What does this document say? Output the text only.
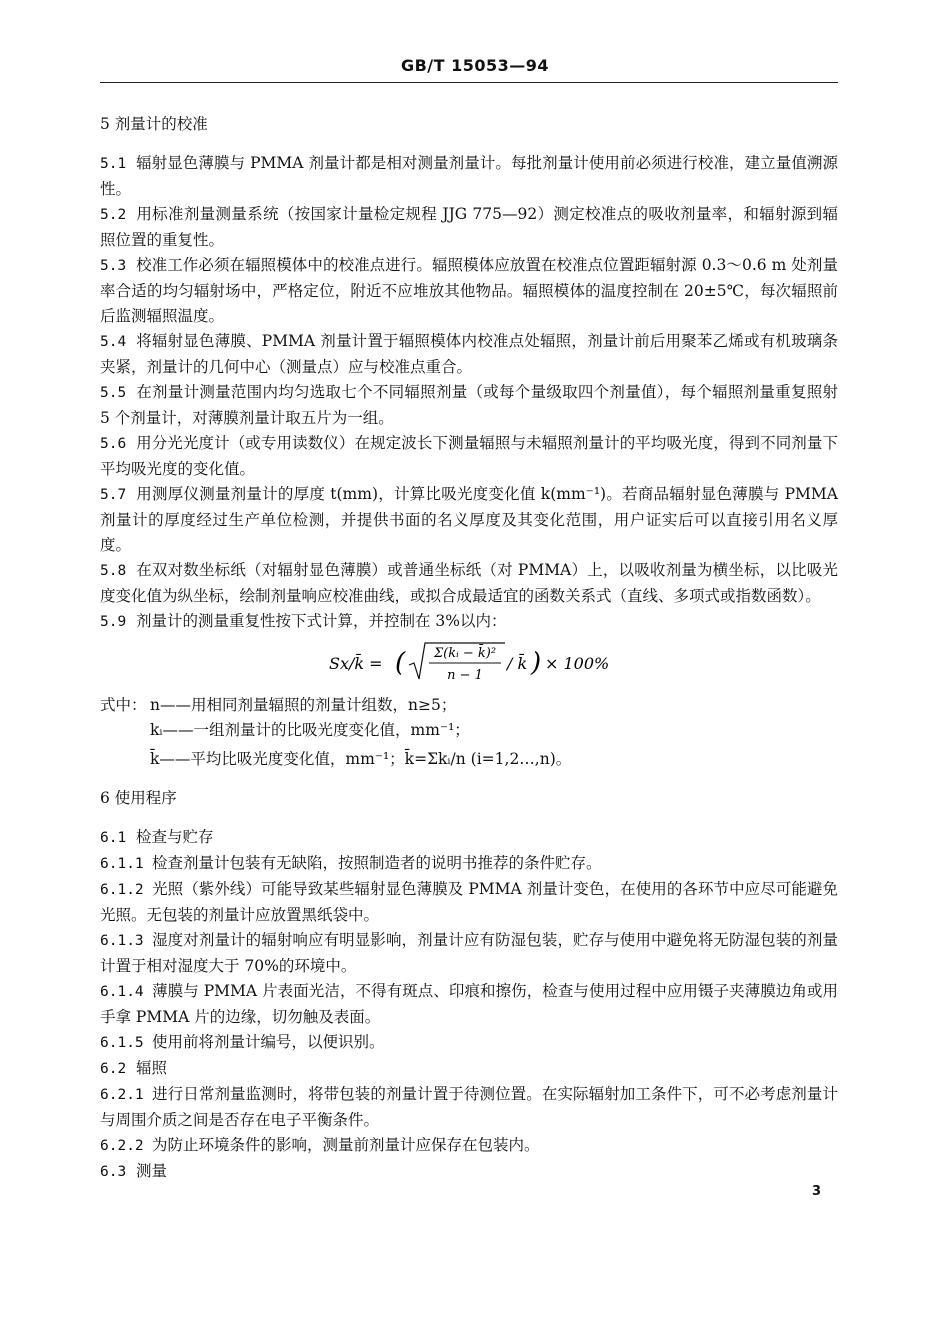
GB/T 15053—94

5 剂量计的校准

5.1 辐射显色薄膜与 PMMA 剂量计都是相对测量剂量计。每批剂量计使用前必须进行校准，建立量值溯源性。

5.2 用标准剂量测量系统（按国家计量检定规程 JJG 775—92）测定校准点的吸收剂量率，和辐射源到辐照位置的重复性。

5.3 校准工作必须在辐照模体中的校准点进行。辐照模体应放置在校准点位置距辐射源 0.3～0.6 m 处剂量率合适的均匀辐射场中，严格定位，附近不应堆放其他物品。辐照模体的温度控制在 20±5℃，每次辐照前后监测辐照温度。

5.4 将辐射显色薄膜、PMMA 剂量计置于辐照模体内校准点处辐照，剂量计前后用聚苯乙烯或有机玻璃条夹紧，剂量计的几何中心（测量点）应与校准点重合。

5.5 在剂量计测量范围内均匀选取七个不同辐照剂量（或每个量级取四个剂量值），每个辐照剂量重复照射 5 个剂量计，对薄膜剂量计取五片为一组。

5.6 用分光光度计（或专用读数仪）在规定波长下测量辐照与未辐照剂量计的平均吸光度，得到不同剂量下平均吸光度的变化值。

5.7 用测厚仪测量剂量计的厚度 t(mm)，计算比吸光度变化值 k(mm⁻¹)。若商品辐射显色薄膜与 PMMA 剂量计的厚度经过生产单位检测，并提供书面的名义厚度及其变化范围，用户证实后可以直接引用名义厚度。

5.8 在双对数坐标纸（对辐射显色薄膜）或普通坐标纸（对 PMMA）上，以吸收剂量为横坐标，以比吸光度变化值为纵坐标，绘制剂量响应校准曲线，或拟合成最适宜的函数关系式（直线、多项式或指数函数）。

5.9 剂量计的测量重复性按下式计算，并控制在 3%以内：

Sx/k̄ = ( Σ(kᵢ − k̄)²
n − 1
/ k̄ ) × 100%

式中： n——用相同剂量辐照的剂量计组数，n≥5；

kᵢ——一组剂量计的比吸光度变化值，mm⁻¹；

k̄——平均比吸光度变化值，mm⁻¹；k̄=Σkᵢ/n (i=1,2…,n)。

6 使用程序

6.1 检查与贮存

6.1.1 检查剂量计包装有无缺陷，按照制造者的说明书推荐的条件贮存。

6.1.2 光照（紫外线）可能导致某些辐射显色薄膜及 PMMA 剂量计变色，在使用的各环节中应尽可能避免光照。无包装的剂量计应放置黑纸袋中。

6.1.3 湿度对剂量计的辐射响应有明显影响，剂量计应有防湿包装，贮存与使用中避免将无防湿包装的剂量计置于相对湿度大于 70%的环境中。

6.1.4 薄膜与 PMMA 片表面光洁，不得有斑点、印痕和擦伤，检查与使用过程中应用镊子夹薄膜边角或用手拿 PMMA 片的边缘，切勿触及表面。

6.1.5 使用前将剂量计编号，以便识别。

6.2 辐照

6.2.1 进行日常剂量监测时，将带包装的剂量计置于待测位置。在实际辐射加工条件下，可不必考虑剂量计与周围介质之间是否存在电子平衡条件。

6.2.2 为防止环境条件的影响，测量前剂量计应保存在包装内。

6.3 测量

3
